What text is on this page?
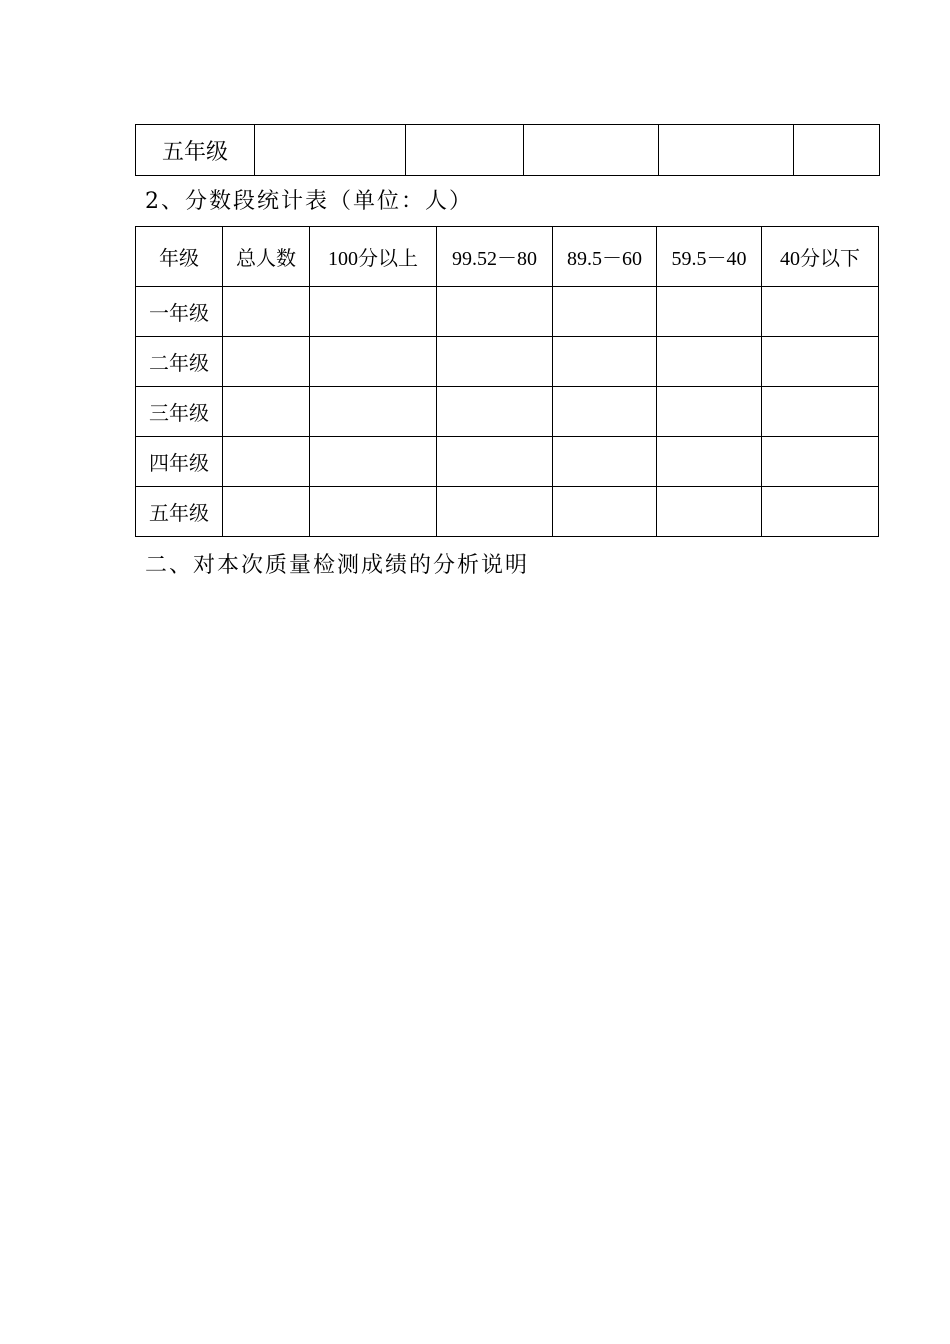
五年级					
2、分数段统计表（单位：人）
年级	总人数	100分以上	99.52－80	89.5－60	59.5－40	40分以下
一年级						
二年级						
三年级						
四年级						
五年级						
二、对本次质量检测成绩的分析说明
